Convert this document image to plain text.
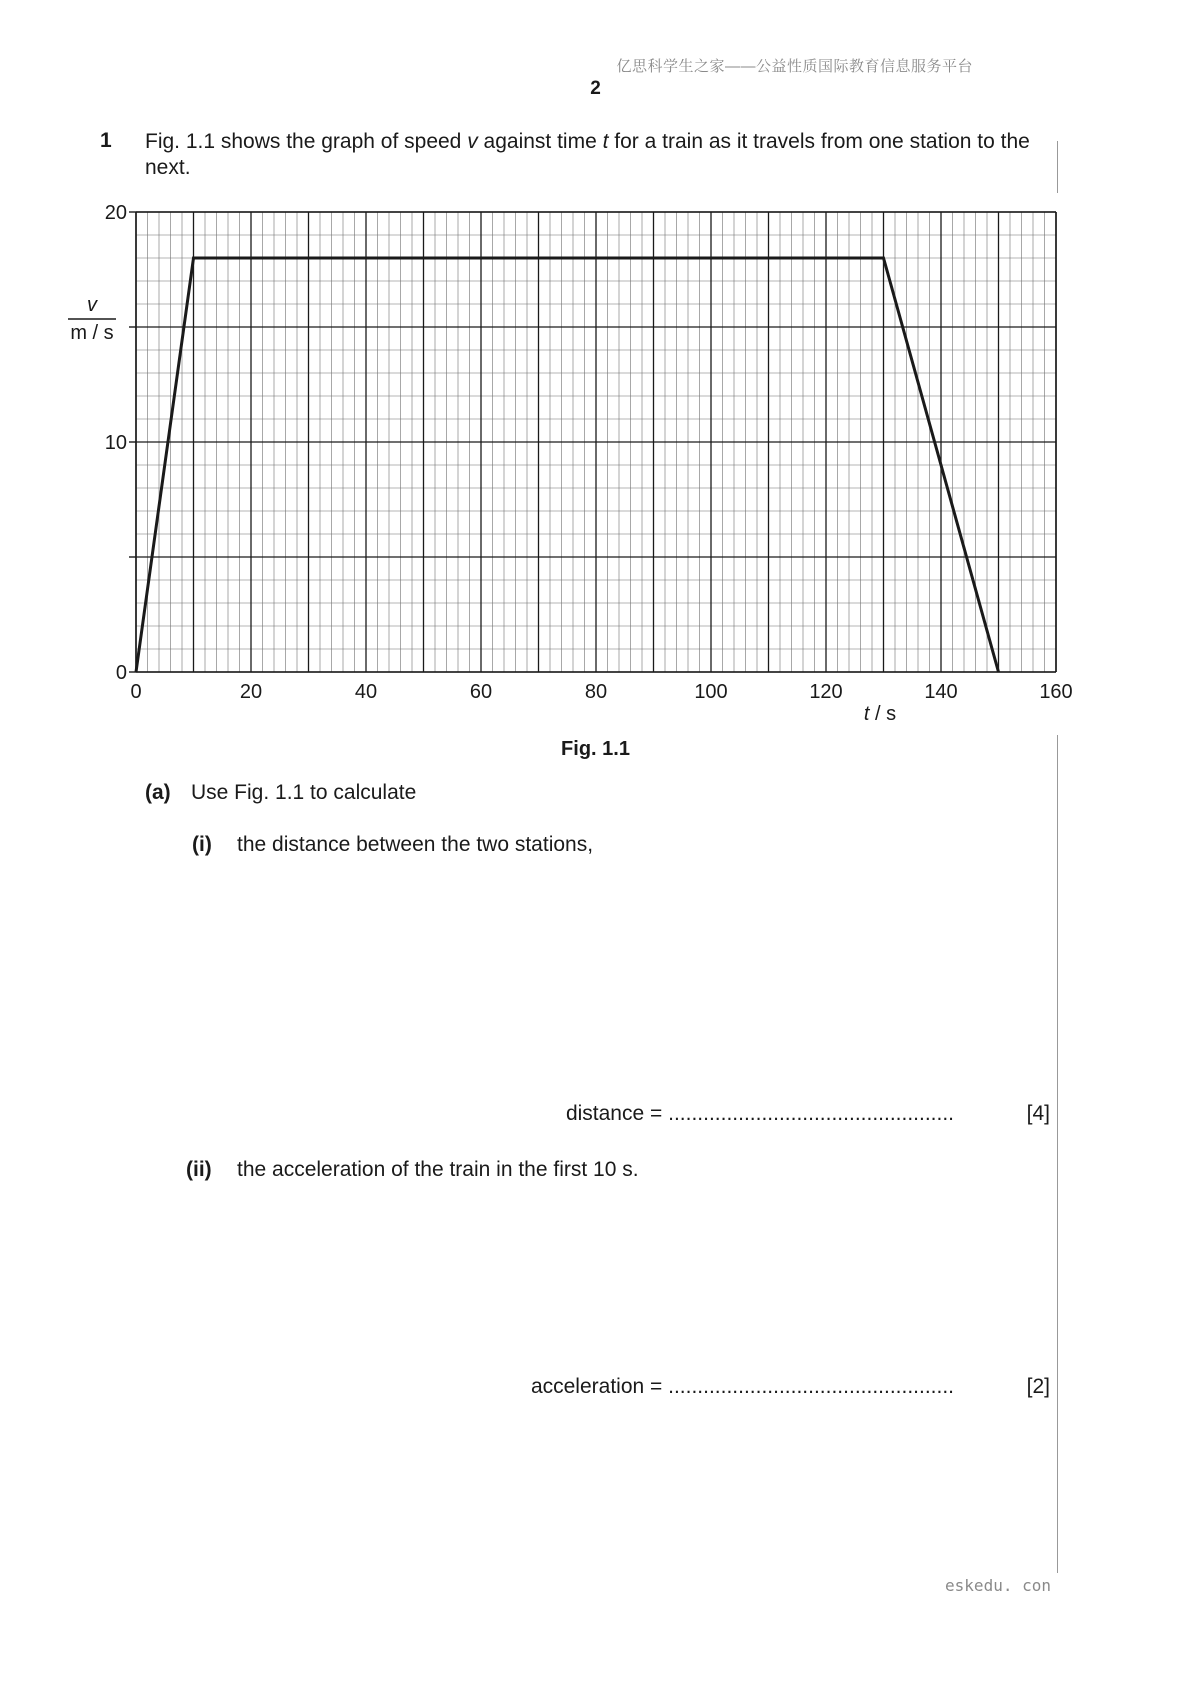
亿思科学生之家——公益性质国际教育信息服务平台
2
1 Fig. 1.1 shows the graph of speed v against time t for a train as it travels from one station to the next.
0	20	40	60	80	100	120	140	160
0
10
20
v
m / s
t / s
Fig. 1.1
(a) Use Fig. 1.1 to calculate
(i) the distance between the two stations,
distance = .................................................	[4]
(ii) the acceleration of the train in the first 10 s.
acceleration = .................................................	[2]
eskedu. con
